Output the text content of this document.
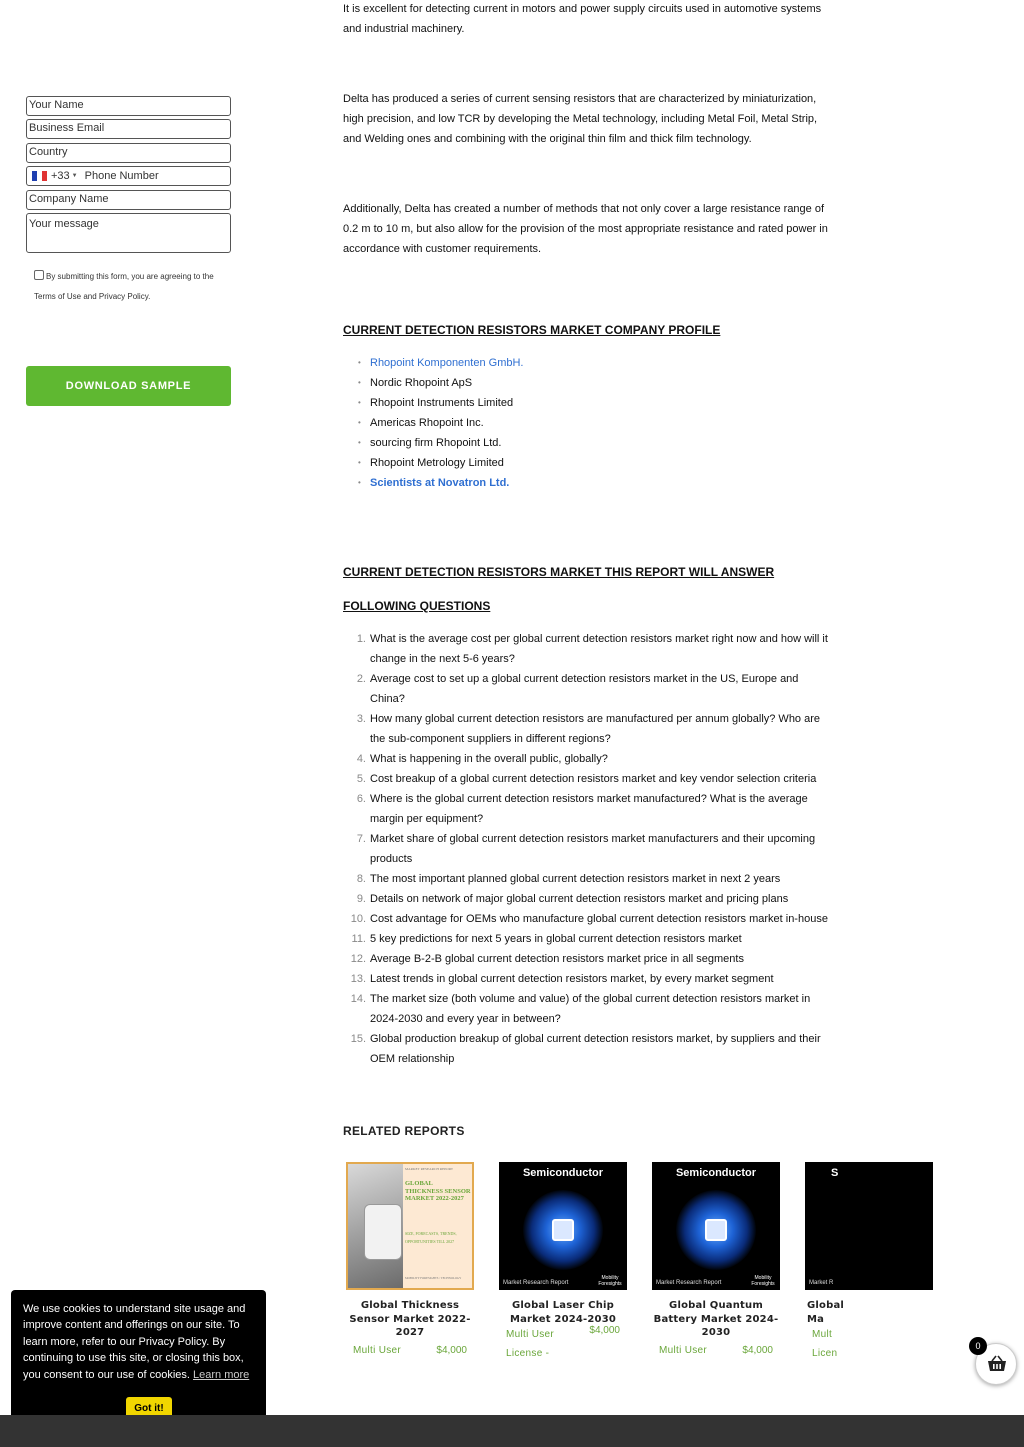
Your Name
Business Email
Country
+33 ▼ Phone Number
Company Name
Your message
By submitting this form, you are agreeing to the Terms of Use and Privacy Policy.
DOWNLOAD SAMPLE
It is excellent for detecting current in motors and power supply circuits used in automotive systems and industrial machinery.
Delta has produced a series of current sensing resistors that are characterized by miniaturization, high precision, and low TCR by developing the Metal technology, including Metal Foil, Metal Strip, and Welding ones and combining with the original thin film and thick film technology.
Additionally, Delta has created a number of methods that not only cover a large resistance range of 0.2 m to 10 m, but also allow for the provision of the most appropriate resistance and rated power in accordance with customer requirements.
CURRENT DETECTION RESISTORS MARKET COMPANY PROFILE
• Rhopoint Komponenten GmbH.
• Nordic Rhopoint ApS
• Rhopoint Instruments Limited
• Americas Rhopoint Inc.
• sourcing firm Rhopoint Ltd.
• Rhopoint Metrology Limited
• Scientists at Novatron Ltd.
CURRENT DETECTION RESISTORS MARKET THIS REPORT WILL ANSWER
FOLLOWING QUESTIONS
1. What is the average cost per global current detection resistors market right now and how will it change in the next 5-6 years?
2. Average cost to set up a global current detection resistors market in the US, Europe and China?
3. How many global current detection resistors are manufactured per annum globally? Who are the sub-component suppliers in different regions?
4. What is happening in the overall public, globally?
5. Cost breakup of a global current detection resistors market and key vendor selection criteria
6. Where is the global current detection resistors market manufactured? What is the average margin per equipment?
7. Market share of global current detection resistors market manufacturers and their upcoming products
8. The most important planned global current detection resistors market in next 2 years
9. Details on network of major global current detection resistors market and pricing plans
10. Cost advantage for OEMs who manufacture global current detection resistors market in-house
11. 5 key predictions for next 5 years in global current detection resistors market
12. Average B-2-B global current detection resistors market price in all segments
13. Latest trends in global current detection resistors market, by every market segment
14. The market size (both volume and value) of the global current detection resistors market in 2024-2030 and every year in between?
15. Global production breakup of global current detection resistors market, by suppliers and their OEM relationship
RELATED REPORTS
MARKET RESEARCH REPORT
GLOBAL THICKNESS SENSOR MARKET 2022-2027
SIZE, FORECASTS, TRENDS, OPPORTUNITIES TILL 2027
MOBILITY FORESIGHTS / TECHNOLOGY
Global Thickness Sensor Market 2022-2027
Multi User	$4,000
Semiconductor
Market Research Report
Mobility Foresights
Global Laser Chip Market 2024-2030
Multi User License -
$4,000
Semiconductor
Market Research Report
Mobility Foresights
Global Quantum Battery Market 2024-2030
Multi User	$4,000
S
Market R
Global Ma
Mult Licen
We use cookies to understand site usage and improve content and offerings on our site. To learn more, refer to our Privacy Policy. By continuing to use this site, or closing this box, you consent to our use of cookies. Learn more
Got it!
0
